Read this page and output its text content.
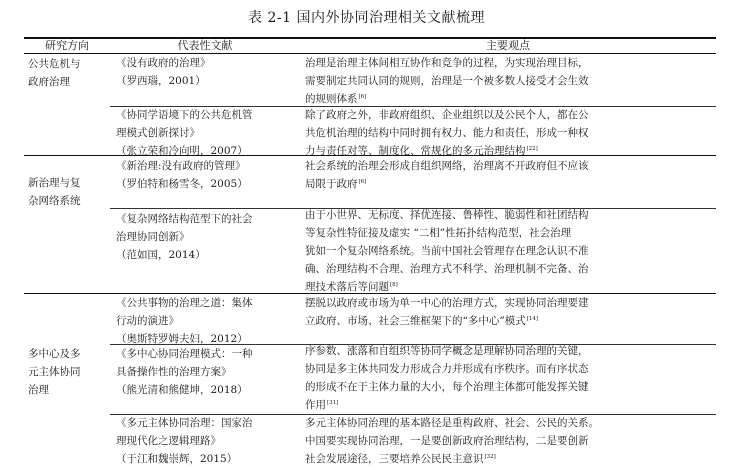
表 2-1 国内外协同治理相关文献梳理
研究方向	代表性文献	主要观点
公共危机与
政府治理
新治理与复
杂网络系统
多中心及多
元主体协同
治理
《没有政府的治理》
（罗西瑙，2001）
治理是治理主体间相互协作和竞争的过程，为实现治理目标，
需要制定共同认同的规则，治理是一个被多数人接受才会生效
的规则体系[6]
《协同学语境下的公共危机管
理模式创新探讨》
（张立荣和冷向明，2007）
除了政府之外，非政府组织、企业组织以及公民个人，都在公
共危机治理的结构中同时拥有权力、能力和责任，形成一种权
力与责任对等、制度化、常规化的多元治理结构[22]
《新治理:没有政府的管理》
（罗伯特和杨雪冬，2005）
社会系统的治理会形成自组织网络，治理离不开政府但不应该
局限于政府[6]
《复杂网络结构范型下的社会
治理协同创新》
（范如国，2014）
由于小世界、无标度、择优连接、鲁棒性、脆弱性和社团结构
等复杂性特征接及虚实 “二相”性拓扑结构范型，社会治理
犹如一个复杂网络系统。当前中国社会管理存在理念认识不准
确、治理结构不合理、治理方式不科学、治理机制不完备、治
理技术落后等问题[8]
《公共事物的治理之道：集体
行动的演进》
（奥斯特罗姆夫妇，2012）
摆脱以政府或市场为单一中心的治理方式，实现协同治理要建
立政府、市场、社会三维框架下的“多中心”模式[14]
《多中心协同治理模式：一种
具备操作性的治理方案》
（熊光清和熊健坤，2018）
序参数、涨落和自组织等协同学概念是理解协同治理的关键，
协同是多主体共同发力形成合力并形成有序秩序。而有序状态
的形成不在于主体力量的大小，每个治理主体都可能发挥关键
作用[31]
《多元主体协同治理：国家治
理现代化之逻辑理路》
（于江和魏崇辉，2015）
多元主体协同治理的基本路径是重构政府、社会、公民的关系。
中国要实现协同治理，一是要创新政府治理结构，二是要创新
社会发展途径，三要培养公民民主意识[32]
